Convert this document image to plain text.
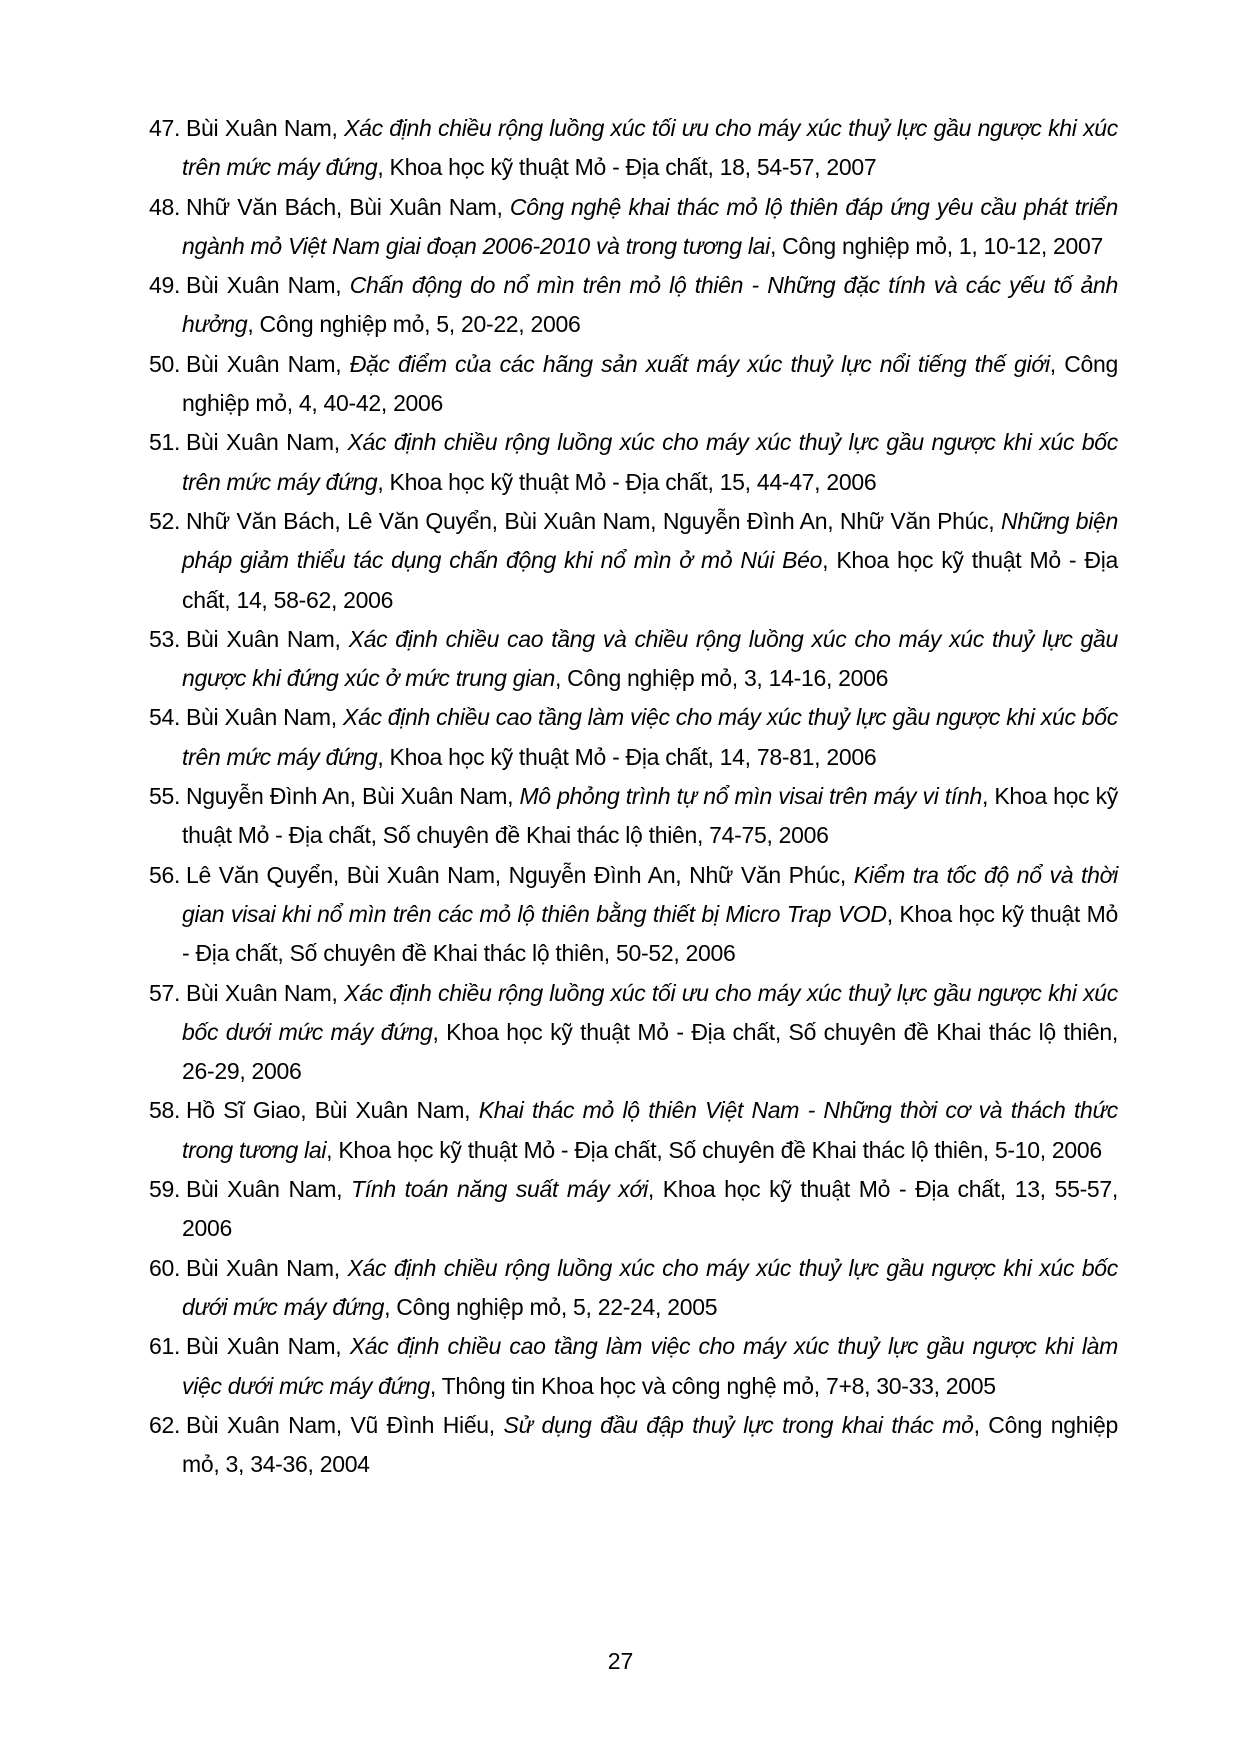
47. Bùi Xuân Nam, Xác định chiều rộng luồng xúc tối ưu cho máy xúc thuỷ lực gầu ngược khi xúc trên mức máy đứng, Khoa học kỹ thuật Mỏ - Địa chất, 18, 54-57, 2007
48. Nhữ Văn Bách, Bùi Xuân Nam, Công nghệ khai thác mỏ lộ thiên đáp ứng yêu cầu phát triển ngành mỏ Việt Nam giai đoạn 2006-2010 và trong tương lai, Công nghiệp mỏ, 1, 10-12, 2007
49. Bùi Xuân Nam, Chấn động do nổ mìn trên mỏ lộ thiên - Những đặc tính và các yếu tố ảnh hưởng, Công nghiệp mỏ, 5, 20-22, 2006
50. Bùi Xuân Nam, Đặc điểm của các hãng sản xuất máy xúc thuỷ lực nổi tiếng thế giới, Công nghiệp mỏ, 4, 40-42, 2006
51. Bùi Xuân Nam, Xác định chiều rộng luồng xúc cho máy xúc thuỷ lực gầu ngược khi xúc bốc trên mức máy đứng, Khoa học kỹ thuật Mỏ - Địa chất, 15, 44-47, 2006
52. Nhữ Văn Bách, Lê Văn Quyển, Bùi Xuân Nam, Nguyễn Đình An, Nhữ Văn Phúc, Những biện pháp giảm thiểu tác dụng chấn động khi nổ mìn ở mỏ Núi Béo, Khoa học kỹ thuật Mỏ - Địa chất, 14, 58-62, 2006
53. Bùi Xuân Nam, Xác định chiều cao tầng và chiều rộng luồng xúc cho máy xúc thuỷ lực gầu ngược khi đứng xúc ở mức trung gian, Công nghiệp mỏ, 3, 14-16, 2006
54. Bùi Xuân Nam, Xác định chiều cao tầng làm việc cho máy xúc thuỷ lực gầu ngược khi xúc bốc trên mức máy đứng, Khoa học kỹ thuật Mỏ - Địa chất, 14, 78-81, 2006
55. Nguyễn Đình An, Bùi Xuân Nam, Mô phỏng trình tự nổ mìn visai trên máy vi tính, Khoa học kỹ thuật Mỏ - Địa chất, Số chuyên đề Khai thác lộ thiên, 74-75, 2006
56. Lê Văn Quyển, Bùi Xuân Nam, Nguyễn Đình An, Nhữ Văn Phúc, Kiểm tra tốc độ nổ và thời gian visai khi nổ mìn trên các mỏ lộ thiên bằng thiết bị Micro Trap VOD, Khoa học kỹ thuật Mỏ - Địa chất, Số chuyên đề Khai thác lộ thiên, 50-52, 2006
57. Bùi Xuân Nam, Xác định chiều rộng luồng xúc tối ưu cho máy xúc thuỷ lực gầu ngược khi xúc bốc dưới mức máy đứng, Khoa học kỹ thuật Mỏ - Địa chất, Số chuyên đề Khai thác lộ thiên, 26-29, 2006
58. Hồ Sĩ Giao, Bùi Xuân Nam, Khai thác mỏ lộ thiên Việt Nam - Những thời cơ và thách thức trong tương lai, Khoa học kỹ thuật Mỏ - Địa chất, Số chuyên đề Khai thác lộ thiên, 5-10, 2006
59. Bùi Xuân Nam, Tính toán năng suất máy xới, Khoa học kỹ thuật Mỏ - Địa chất, 13, 55-57, 2006
60. Bùi Xuân Nam, Xác định chiều rộng luồng xúc cho máy xúc thuỷ lực gầu ngược khi xúc bốc dưới mức máy đứng, Công nghiệp mỏ, 5, 22-24, 2005
61. Bùi Xuân Nam, Xác định chiều cao tầng làm việc cho máy xúc thuỷ lực gầu ngược khi làm việc dưới mức máy đứng, Thông tin Khoa học và công nghệ mỏ, 7+8, 30-33, 2005
62. Bùi Xuân Nam, Vũ Đình Hiếu, Sử dụng đầu đập thuỷ lực trong khai thác mỏ, Công nghiệp mỏ, 3, 34-36, 2004
27
